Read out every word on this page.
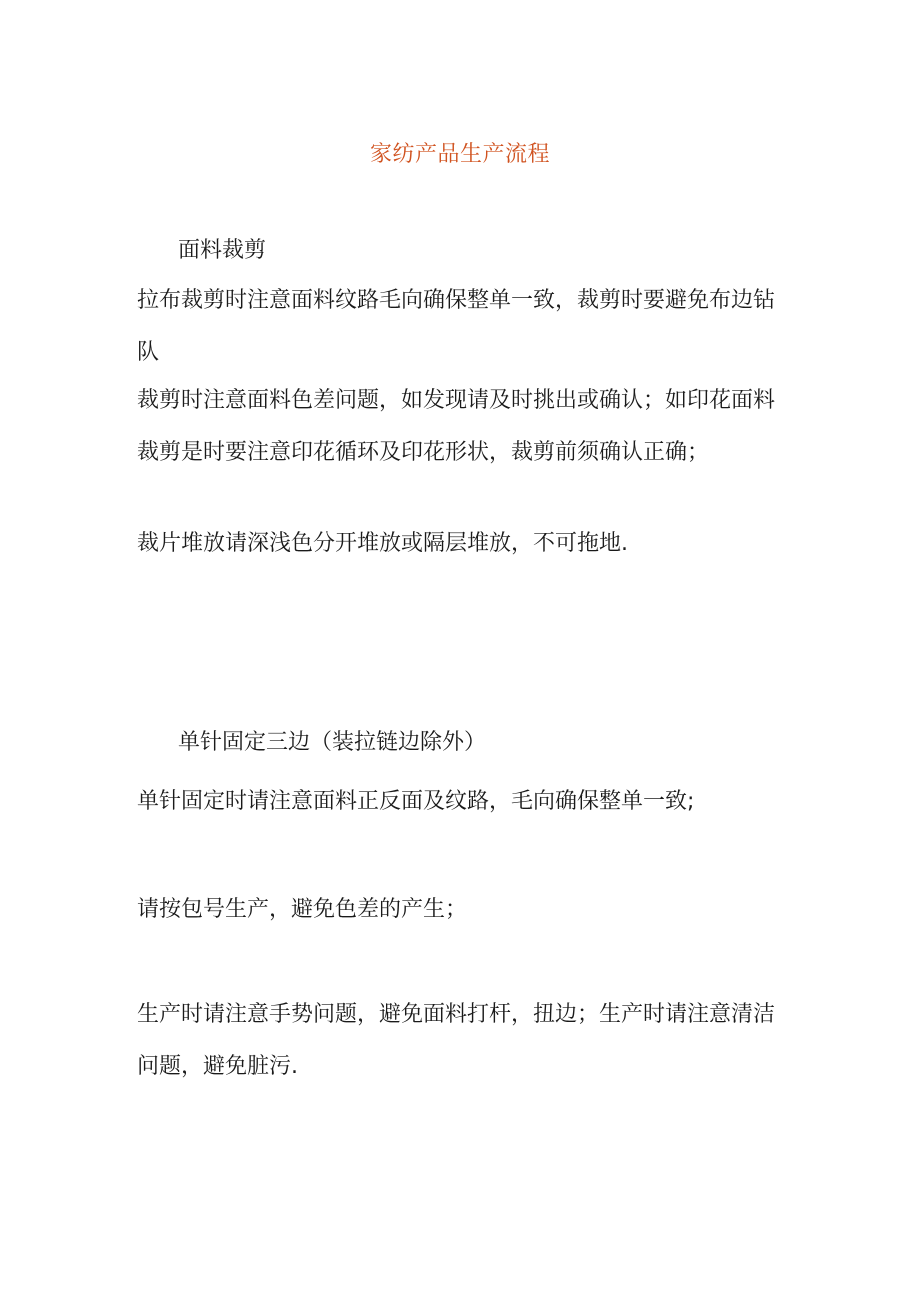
家纺产品生产流程
面料裁剪

拉布裁剪时注意面料纹路毛向确保整单一致，裁剪时要避免布边钻队

裁剪时注意面料色差问题，如发现请及时挑出或确认；如印花面料裁剪是时要注意印花循环及印花形状，裁剪前须确认正确；

裁片堆放请深浅色分开堆放或隔层堆放，不可拖地.

单针固定三边（装拉链边除外）

单针固定时请注意面料正反面及纹路，毛向确保整单一致;

请按包号生产，避免色差的产生；

生产时请注意手势问题，避免面料打杆，扭边；生产时请注意清洁问题，避免脏污.
